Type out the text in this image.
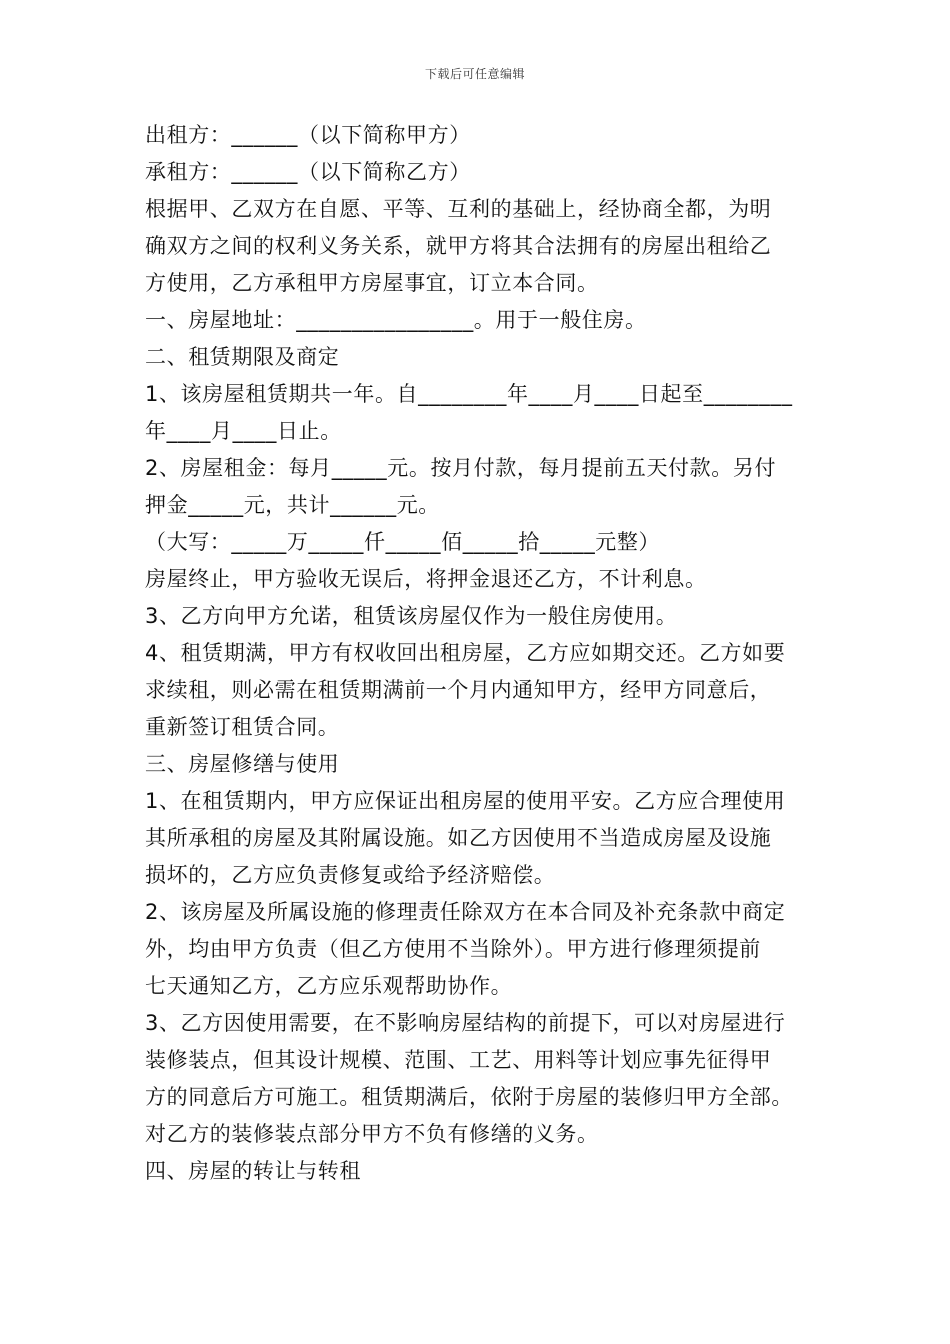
下载后可任意编辑
出租方：______（以下简称甲方）
承租方：______（以下简称乙方）
根据甲、乙双方在自愿、平等、互利的基础上，经协商全都，为明
确双方之间的权利义务关系，就甲方将其合法拥有的房屋出租给乙
方使用，乙方承租甲方房屋事宜，订立本合同。
一、房屋地址：________________。用于一般住房。
二、租赁期限及商定
1、该房屋租赁期共一年。自________年____月____日起至________
年____月____日止。
2、房屋租金：每月_____元。按月付款，每月提前五天付款。另付
押金_____元，共计______元。
（大写：_____万_____仟_____佰_____拾_____元整）
房屋终止，甲方验收无误后，将押金退还乙方，不计利息。
3、乙方向甲方允诺，租赁该房屋仅作为一般住房使用。
4、租赁期满，甲方有权收回出租房屋，乙方应如期交还。乙方如要
求续租，则必需在租赁期满前一个月内通知甲方，经甲方同意后，
重新签订租赁合同。
三、房屋修缮与使用
1、在租赁期内，甲方应保证出租房屋的使用平安。乙方应合理使用
其所承租的房屋及其附属设施。如乙方因使用不当造成房屋及设施
损坏的，乙方应负责修复或给予经济赔偿。
2、该房屋及所属设施的修理责任除双方在本合同及补充条款中商定
外，均由甲方负责（但乙方使用不当除外）。甲方进行修理须提前
七天通知乙方，乙方应乐观帮助协作。
3、乙方因使用需要，在不影响房屋结构的前提下，可以对房屋进行
装修装点，但其设计规模、范围、工艺、用料等计划应事先征得甲
方的同意后方可施工。租赁期满后，依附于房屋的装修归甲方全部。
对乙方的装修装点部分甲方不负有修缮的义务。
四、房屋的转让与转租
